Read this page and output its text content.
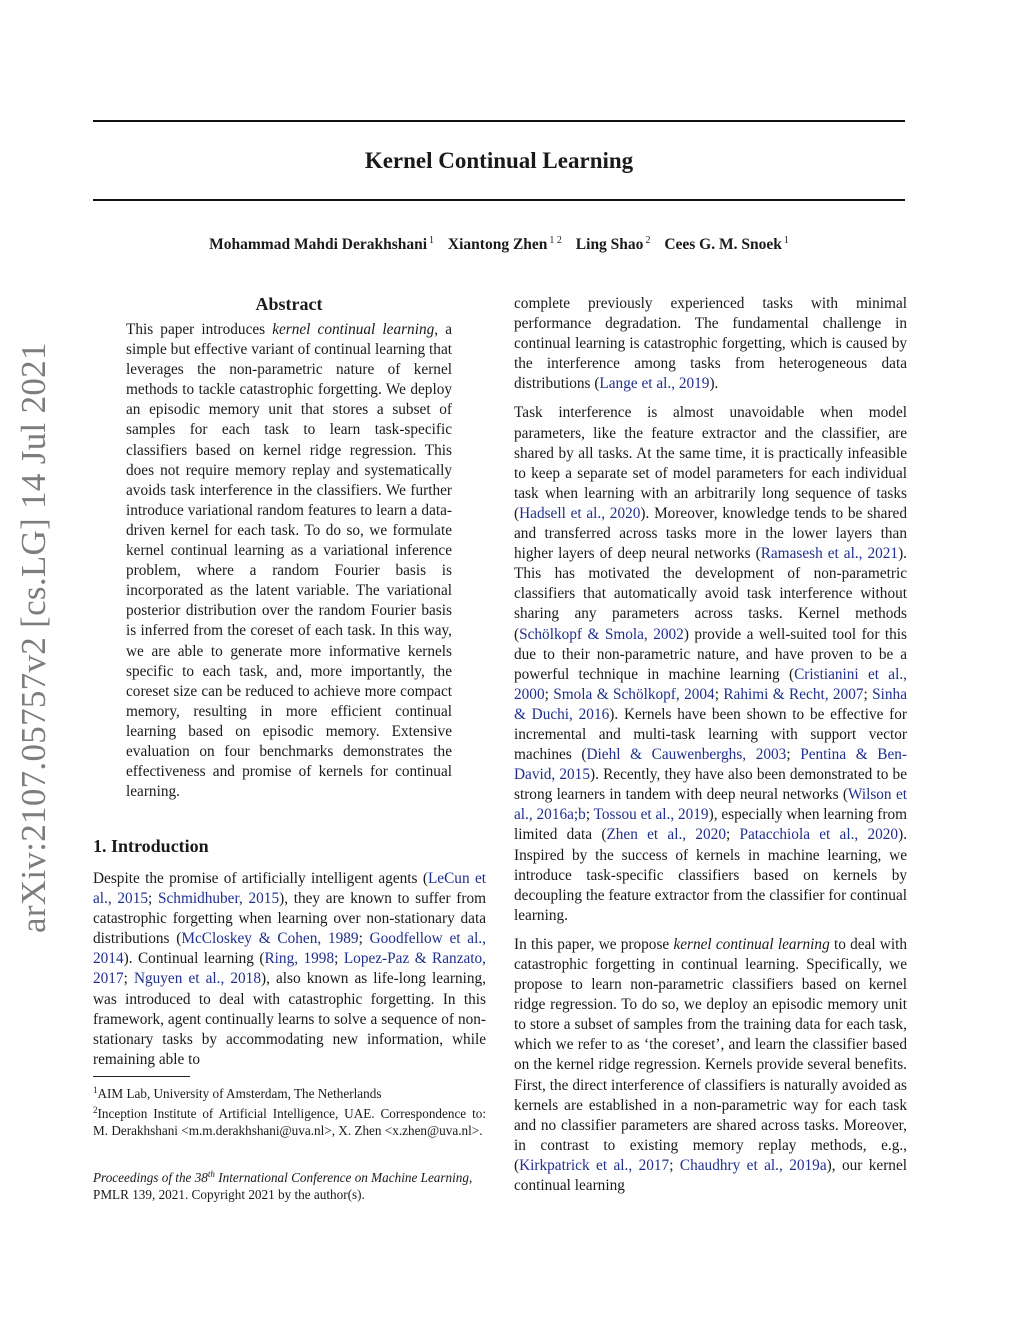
Kernel Continual Learning
Mohammad Mahdi Derakhshani $^1$ Xiantong Zhen $^{1 2}$ Ling Shao $^2$ Cees G. M. Snoek $^1$
arXiv:2107.05757v2 [cs.LG] 14 Jul 2021
Abstract

This paper introduces kernel continual learning, a simple but effective variant of continual learning that leverages the non-parametric nature of kernel methods to tackle catastrophic forgetting. We deploy an episodic memory unit that stores a subset of samples for each task to learn task-specific classifiers based on kernel ridge regression. This does not require memory replay and systematically avoids task interference in the classifiers. We further introduce variational random features to learn a data-driven kernel for each task. To do so, we formulate kernel continual learning as a variational inference problem, where a random Fourier basis is incorporated as the latent variable. The variational posterior distribution over the random Fourier basis is inferred from the coreset of each task. In this way, we are able to generate more informative kernels specific to each task, and, more importantly, the coreset size can be reduced to achieve more compact memory, resulting in more efficient continual learning based on episodic memory. Extensive evaluation on four benchmarks demonstrates the effectiveness and promise of kernels for continual learning.

1. Introduction

Despite the promise of artificially intelligent agents (LeCun et al., 2015; Schmidhuber, 2015), they are known to suffer from catastrophic forgetting when learning over non-stationary data distributions (McCloskey & Cohen, 1989; Goodfellow et al., 2014). Continual learning (Ring, 1998; Lopez-Paz & Ranzato, 2017; Nguyen et al., 2018), also known as life-long learning, was introduced to deal with catastrophic forgetting. In this framework, agent continually learns to solve a sequence of non-stationary tasks by accommodating new information, while remaining able to

$^1$AIM Lab, University of Amsterdam, The Netherlands
$^2$Inception Institute of Artificial Intelligence, UAE. Correspondence to: M. Derakhshani <m.m.derakhshani@uva.nl>, X. Zhen <x.zhen@uva.nl>.
Proceedings of the 38th International Conference on Machine Learning, PMLR 139, 2021. Copyright 2021 by the author(s).

complete previously experienced tasks with minimal performance degradation. The fundamental challenge in continual learning is catastrophic forgetting, which is caused by the interference among tasks from heterogeneous data distributions (Lange et al., 2019).

Task interference is almost unavoidable when model parameters, like the feature extractor and the classifier, are shared by all tasks. At the same time, it is practically infeasible to keep a separate set of model parameters for each individual task when learning with an arbitrarily long sequence of tasks (Hadsell et al., 2020). Moreover, knowledge tends to be shared and transferred across tasks more in the lower layers than higher layers of deep neural networks (Ramasesh et al., 2021). This has motivated the development of non-parametric classifiers that automatically avoid task interference without sharing any parameters across tasks. Kernel methods (Schölkopf & Smola, 2002) provide a well-suited tool for this due to their non-parametric nature, and have proven to be a powerful technique in machine learning (Cristianini et al., 2000; Smola & Schölkopf, 2004; Rahimi & Recht, 2007; Sinha & Duchi, 2016). Kernels have been shown to be effective for incremental and multi-task learning with support vector machines (Diehl & Cauwenberghs, 2003; Pentina & Ben-David, 2015). Recently, they have also been demonstrated to be strong learners in tandem with deep neural networks (Wilson et al., 2016a;b; Tossou et al., 2019), especially when learning from limited data (Zhen et al., 2020; Patacchiola et al., 2020). Inspired by the success of kernels in machine learning, we introduce task-specific classifiers based on kernels by decoupling the feature extractor from the classifier for continual learning.

In this paper, we propose kernel continual learning to deal with catastrophic forgetting in continual learning. Specifically, we propose to learn non-parametric classifiers based on kernel ridge regression. To do so, we deploy an episodic memory unit to store a subset of samples from the training data for each task, which we refer to as ‘the coreset’, and learn the classifier based on the kernel ridge regression. Kernels provide several benefits. First, the direct interference of classifiers is naturally avoided as kernels are established in a non-parametric way for each task and no classifier parameters are shared across tasks. Moreover, in contrast to existing memory replay methods, e.g., (Kirkpatrick et al., 2017; Chaudhry et al., 2019a), our kernel continual learning
